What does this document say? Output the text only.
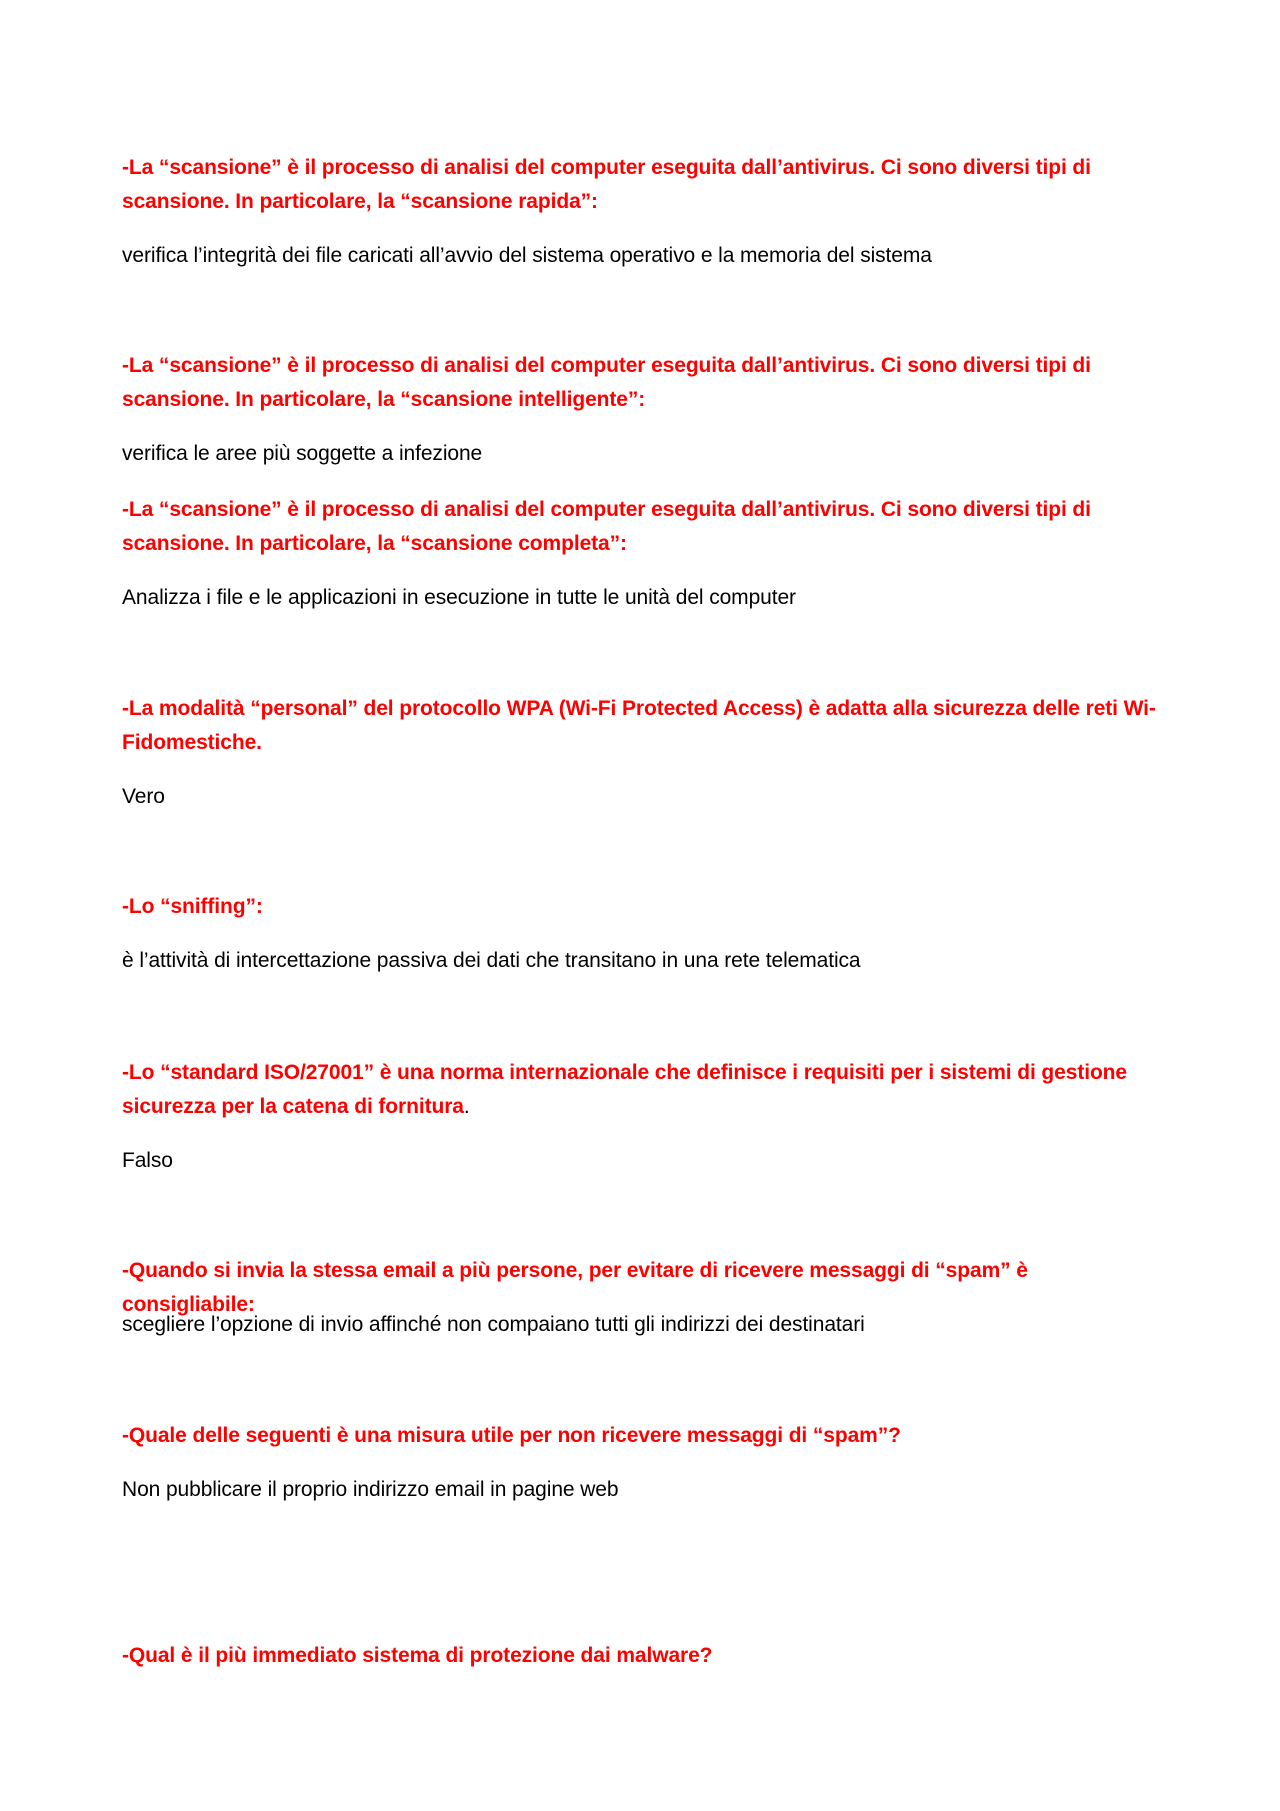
-La “scansione” è il processo di analisi del computer eseguita dall’antivirus. Ci sono diversi tipi di scansione. In particolare, la “scansione rapida”:
verifica l’integrità dei file caricati all’avvio del sistema operativo e la memoria del sistema
-La “scansione” è il processo di analisi del computer eseguita dall’antivirus. Ci sono diversi tipi di scansione. In particolare, la “scansione intelligente”:
verifica le aree più soggette a infezione
-La “scansione” è il processo di analisi del computer eseguita dall’antivirus. Ci sono diversi tipi di scansione. In particolare, la “scansione completa”:
Analizza i file e le applicazioni in esecuzione in tutte le unità del computer
-La modalità “personal” del protocollo WPA (Wi-Fi Protected Access) è adatta alla sicurezza delle reti Wi-Fidomestiche.
Vero
-Lo “sniffing”:
è l’attività di intercettazione passiva dei dati che transitano in una rete telematica
-Lo “standard ISO/27001” è una norma internazionale che definisce i requisiti per i sistemi di gestione sicurezza per la catena di fornitura.
Falso
-Quando si invia la stessa email a più persone, per evitare di ricevere messaggi di “spam” è consigliabile:
scegliere l’opzione di invio affinché non compaiano tutti gli indirizzi dei destinatari
-Quale delle seguenti è una misura utile per non ricevere messaggi di “spam”?
Non pubblicare il proprio indirizzo email in pagine web
-Qual è il più immediato sistema di protezione dai malware?
